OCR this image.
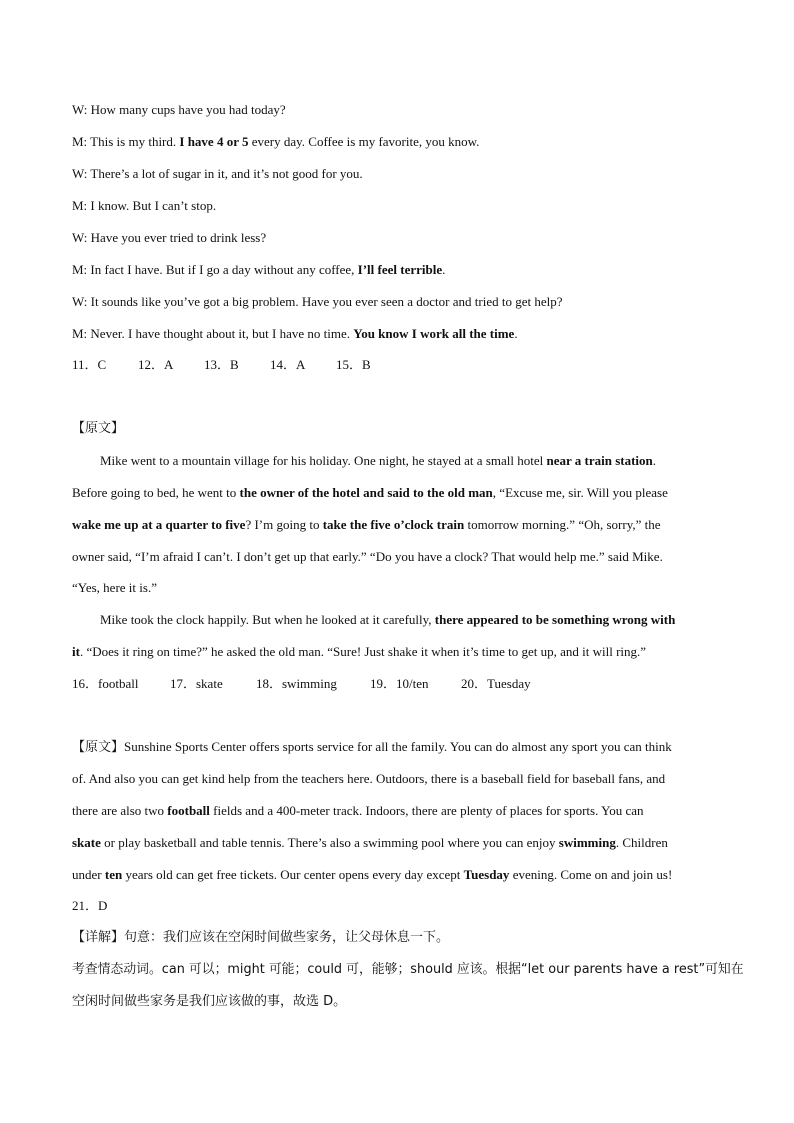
W: How many cups have you had today?
M: This is my third. I have 4 or 5 every day. Coffee is my favorite, you know.
W: There’s a lot of sugar in it, and it’s not good for you.
M: I know. But I can’t stop.
W: Have you ever tried to drink less?
M: In fact I have. But if I go a day without any coffee, I’ll feel terrible.
W: It sounds like you’ve got a big problem. Have you ever seen a doctor and tried to get help?
M: Never. I have thought about it, but I have no time. You know I work all the time.
11．C	12．A	13．B	14．A	15．B
【原文】
Mike went to a mountain village for his holiday. One night, he stayed at a small hotel near a train station.
Before going to bed, he went to the owner of the hotel and said to the old man, “Excuse me, sir. Will you please
wake me up at a quarter to five? I’m going to take the five o’clock train tomorrow morning.” “Oh, sorry,” the
owner said, “I’m afraid I can’t. I don’t get up that early.” “Do you have a clock? That would help me.” said Mike.
“Yes, here it is.”
Mike took the clock happily. But when he looked at it carefully, there appeared to be something wrong with
it. “Does it ring on time?” he asked the old man. “Sure! Just shake it when it’s time to get up, and it will ring.”
16．football	17．skate	18．swimming	19．10/ten	20．Tuesday
【原文】Sunshine Sports Center offers sports service for all the family. You can do almost any sport you can think
of. And also you can get kind help from the teachers here. Outdoors, there is a baseball field for baseball fans, and
there are also two football fields and a 400-meter track. Indoors, there are plenty of places for sports. You can
skate or play basketball and table tennis. There’s also a swimming pool where you can enjoy swimming. Children
under ten years old can get free tickets. Our center opens every day except Tuesday evening. Come on and join us!
21．D
【详解】句意：我们应该在空闲时间做些家务，让父母休息一下。
考查情态动词。can 可以；might 可能；could 可，能够；should 应该。根据“let our parents have a rest”可知在
空闲时间做些家务是我们应该做的事，故选 D。
